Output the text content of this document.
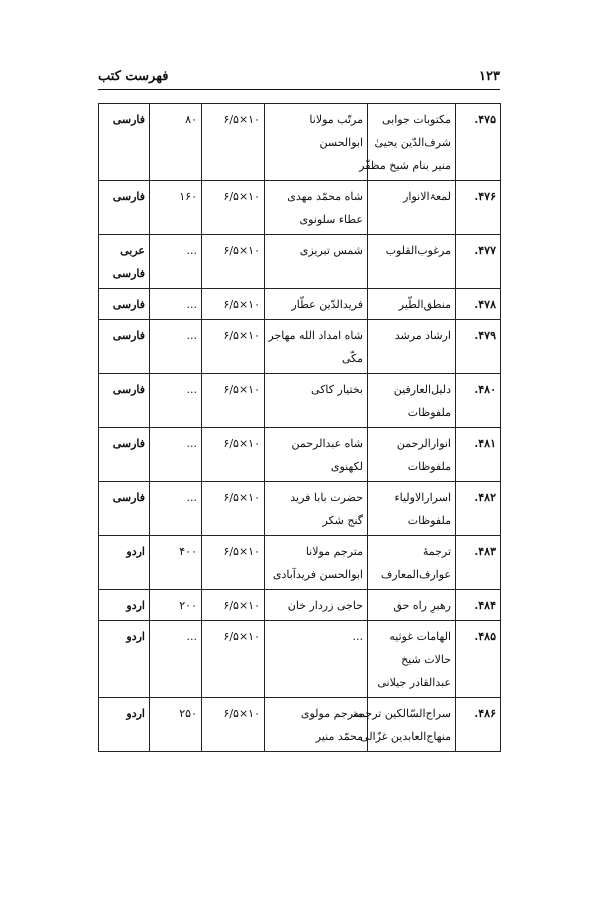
۱۲۳
فهرست کتب
۴۷۵.	مکتوبات جوابی
شرف‌الدّین یحییٰ
منیر بنام شیخ مظفّر	مرتّب مولانا
ابوالحسن	۱۰×۶/۵	۸۰	فارسی

۴۷۶.	لمعۃالانوار	شاه محمّد مهدی
عطاء سلونوی	۱۰×۶/۵	۱۶۰	فارسی

۴۷۷.	مرغوب‌القلوب	شمس تبریزی	۱۰×۶/۵	...	عربی
فارسی

۴۷۸.	منطق‌الطّیر	فریدالدّین عطّار	۱۰×۶/۵	...	فارسی

۴۷۹.	ارشاد مرشد	شاه امداد الله مهاجر
مکّی	۱۰×۶/۵	...	فارسی

۴۸۰.	دلیل‌العارفین
ملفوظات	بختیار کاکی	۱۰×۶/۵	...	فارسی

۴۸۱.	انوارالرحمن
ملفوظات	شاه عبدالرحمن
لکهنوی	۱۰×۶/۵	...	فارسی

۴۸۲.	اسرارالاولیاء
ملفوظات	حضرت بابا فرید
گنج شکر	۱۰×۶/۵	...	فارسی

۴۸۳.	ترجمهٔ
عوارف‌المعارف	مترجم مولانا
ابوالحسن فریدآبادی	۱۰×۶/۵	۴۰۰	اردو

۴۸۴.	رهبرِ راه حق	حاجی زردار خان	۱۰×۶/۵	۲۰۰	اردو

۴۸۵.	الهامات غوثیه
حالات شیخ
عبدالقادر جیلانی	...	۱۰×۶/۵	...	اردو

۴۸۶.	سراج‌السّالکین ترجمه
منهاج‌العابدین غزّالی	مترجم مولوی
محمّد منیر	۱۰×۶/۵	۲۵۰	اردو
